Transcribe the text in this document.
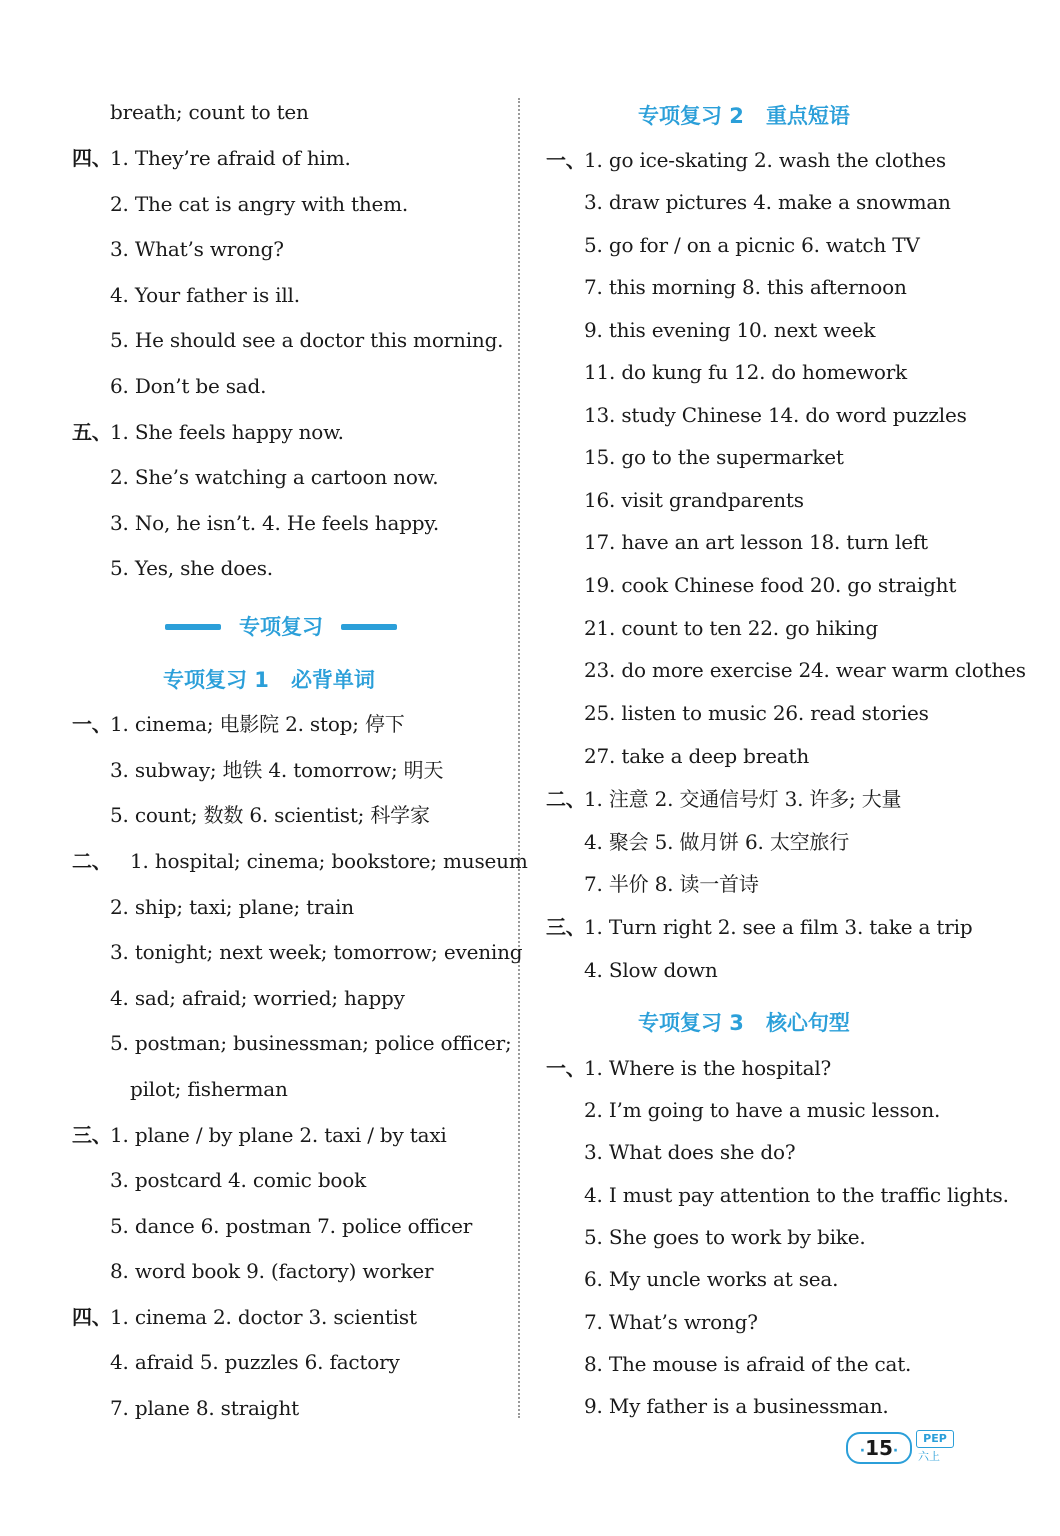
breath; count to ten
四、
1. They’re afraid of him.
2. The cat is angry with them.
3. What’s wrong?
4. Your father is ill.
5. He should see a doctor this morning.
6. Don’t be sad.
五、
1. She feels happy now.
2. She’s watching a cartoon now.
3. No, he isn’t. 4. He feels happy.
5. Yes, she does.
专项复习
专项复习 1 必背单词
一、
1. cinema; 电影院 2. stop; 停下
3. subway; 地铁 4. tomorrow; 明天
5. count; 数数 6. scientist; 科学家
二、 1. hospital; cinema; bookstore; museum
2. ship; taxi; plane; train
3. tonight; next week; tomorrow; evening
4. sad; afraid; worried; happy
5. postman; businessman; police officer;
pilot; fisherman
三、
1. plane / by plane 2. taxi / by taxi
3. postcard 4. comic book
5. dance 6. postman 7. police officer
8. word book 9. (factory) worker
四、
1. cinema 2. doctor 3. scientist
4. afraid 5. puzzles 6. factory
7. plane 8. straight
专项复习 2 重点短语
一、
1. go ice-skating 2. wash the clothes
3. draw pictures 4. make a snowman
5. go for / on a picnic 6. watch TV
7. this morning 8. this afternoon
9. this evening 10. next week
11. do kung fu 12. do homework
13. study Chinese 14. do word puzzles
15. go to the supermarket
16. visit grandparents
17. have an art lesson 18. turn left
19. cook Chinese food 20. go straight
21. count to ten 22. go hiking
23. do more exercise 24. wear warm clothes
25. listen to music 26. read stories
27. take a deep breath
二、
1. 注意 2. 交通信号灯 3. 许多; 大量
4. 聚会 5. 做月饼 6. 太空旅行
7. 半价 8. 读一首诗
三、
1. Turn right 2. see a film 3. take a trip
4. Slow down
专项复习 3 核心句型
一、
1. Where is the hospital?
2. I’m going to have a music lesson.
3. What does she do?
4. I must pay attention to the traffic lights.
5. She goes to work by bike.
6. My uncle works at sea.
7. What’s wrong?
8. The mouse is afraid of the cat.
9. My father is a businessman.
·15·
PEP
六上
